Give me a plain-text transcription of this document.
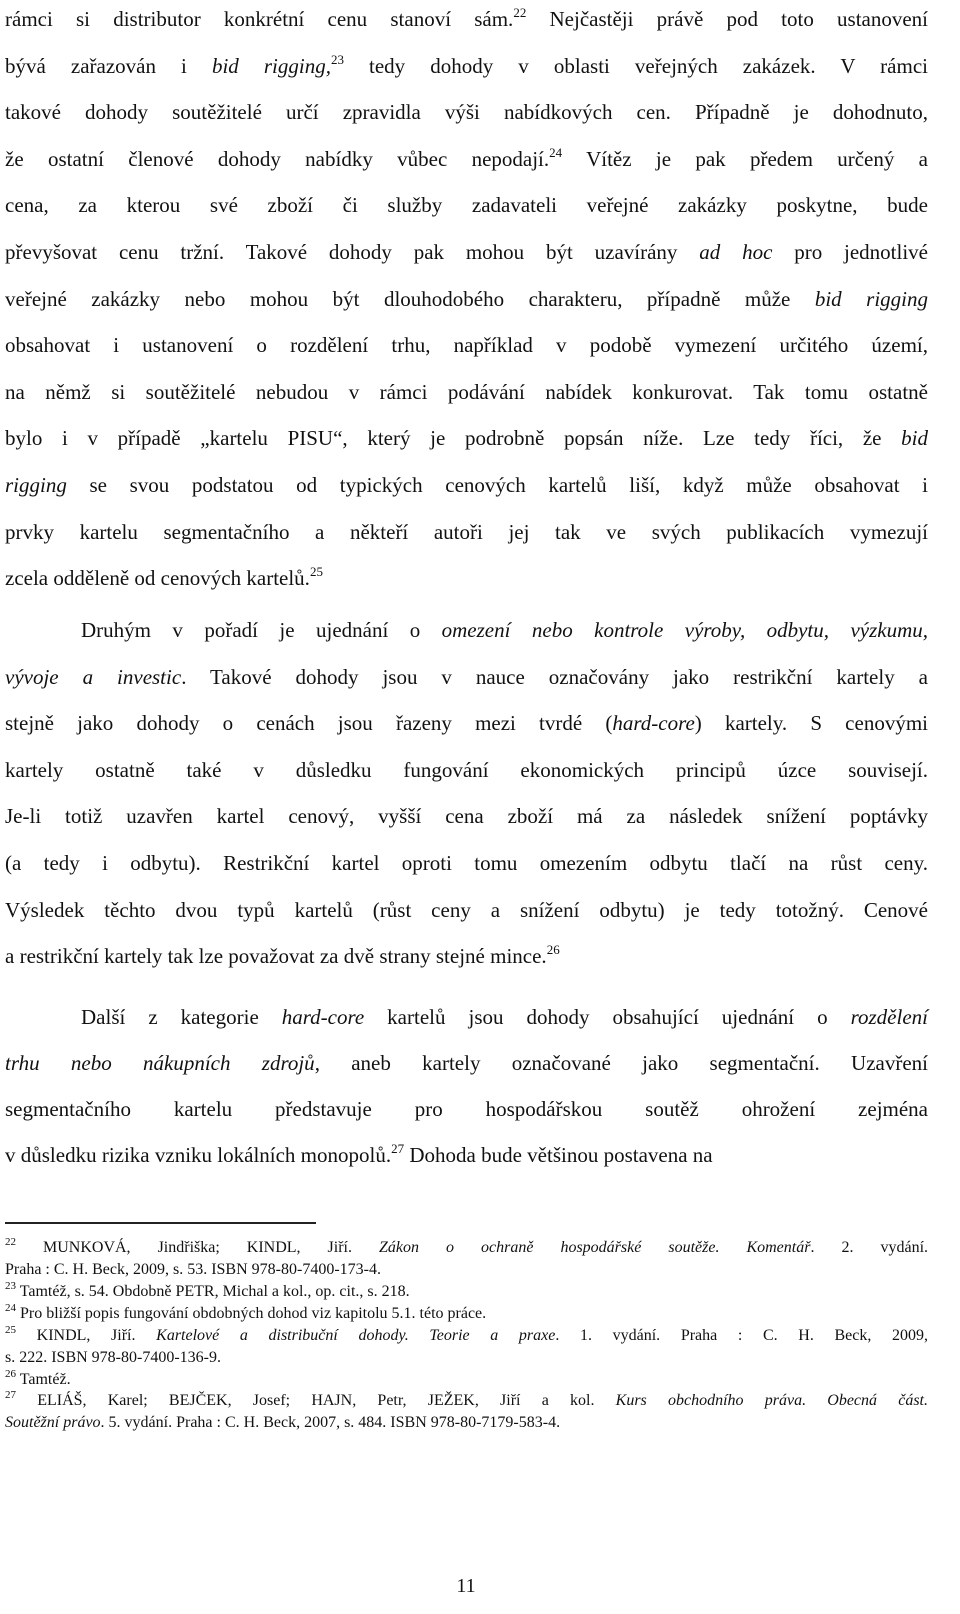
rámci si distributor konkrétní cenu stanoví sám.$^{22}$ Nejčastěji právě pod toto ustanovení
bývá zařazován i bid rigging,$^{23}$ tedy dohody v oblasti veřejných zakázek. V rámci
takové dohody soutěžitelé určí zpravidla výši nabídkových cen. Případně je dohodnuto,
že ostatní členové dohody nabídky vůbec nepodají.$^{24}$ Vítěz je pak předem určený a
cena, za kterou své zboží či služby zadavateli veřejné zakázky poskytne, bude
převyšovat cenu tržní. Takové dohody pak mohou být uzavírány ad hoc pro jednotlivé
veřejné zakázky nebo mohou být dlouhodobého charakteru, případně může bid rigging
obsahovat i ustanovení o rozdělení trhu, například v podobě vymezení určitého území,
na němž si soutěžitelé nebudou v rámci podávání nabídek konkurovat. Tak tomu ostatně
bylo i v případě „kartelu PISU“, který je podrobně popsán níže. Lze tedy říci, že bid
rigging se svou podstatou od typických cenových kartelů liší, když může obsahovat i
prvky kartelu segmentačního a někteří autoři jej tak ve svých publikacích vymezují
zcela odděleně od cenových kartelů.$^{25}$
Druhým v pořadí je ujednání o omezení nebo kontrole výroby, odbytu, výzkumu,
vývoje a investic. Takové dohody jsou v nauce označovány jako restrikční kartely a
stejně jako dohody o cenách jsou řazeny mezi tvrdé (hard-core) kartely. S cenovými
kartely ostatně také v důsledku fungování ekonomických principů úzce souvisejí.
Je-li totiž uzavřen kartel cenový, vyšší cena zboží má za následek snížení poptávky
(a tedy i odbytu). Restrikční kartel oproti tomu omezením odbytu tlačí na růst ceny.
Výsledek těchto dvou typů kartelů (růst ceny a snížení odbytu) je tedy totožný. Cenové
a restrikční kartely tak lze považovat za dvě strany stejné mince.$^{26}$
Další z kategorie hard-core kartelů jsou dohody obsahující ujednání o rozdělení
trhu nebo nákupních zdrojů, aneb kartely označované jako segmentační. Uzavření
segmentačního kartelu představuje pro hospodářskou soutěž ohrožení zejména
v důsledku rizika vzniku lokálních monopolů.$^{27}$ Dohoda bude většinou postavena na
$^{22}$ MUNKOVÁ, Jindřiška; KINDL, Jiří. Zákon o ochraně hospodářské soutěže. Komentář. 2. vydání.
Praha : C. H. Beck, 2009, s. 53. ISBN 978-80-7400-173-4.
$^{23}$ Tamtéž, s. 54. Obdobně PETR, Michal a kol., op. cit., s. 218.
$^{24}$ Pro bližší popis fungování obdobných dohod viz kapitolu 5.1. této práce.
$^{25}$ KINDL, Jiří. Kartelové a distribuční dohody. Teorie a praxe. 1. vydání. Praha : C. H. Beck, 2009,
s. 222. ISBN 978-80-7400-136-9.
$^{26}$ Tamtéž.
$^{27}$ ELIÁŠ, Karel; BEJČEK, Josef; HAJN, Petr, JEŽEK, Jiří a kol. Kurs obchodního práva. Obecná část.
Soutěžní právo. 5. vydání. Praha : C. H. Beck, 2007, s. 484. ISBN 978-80-7179-583-4.
11
